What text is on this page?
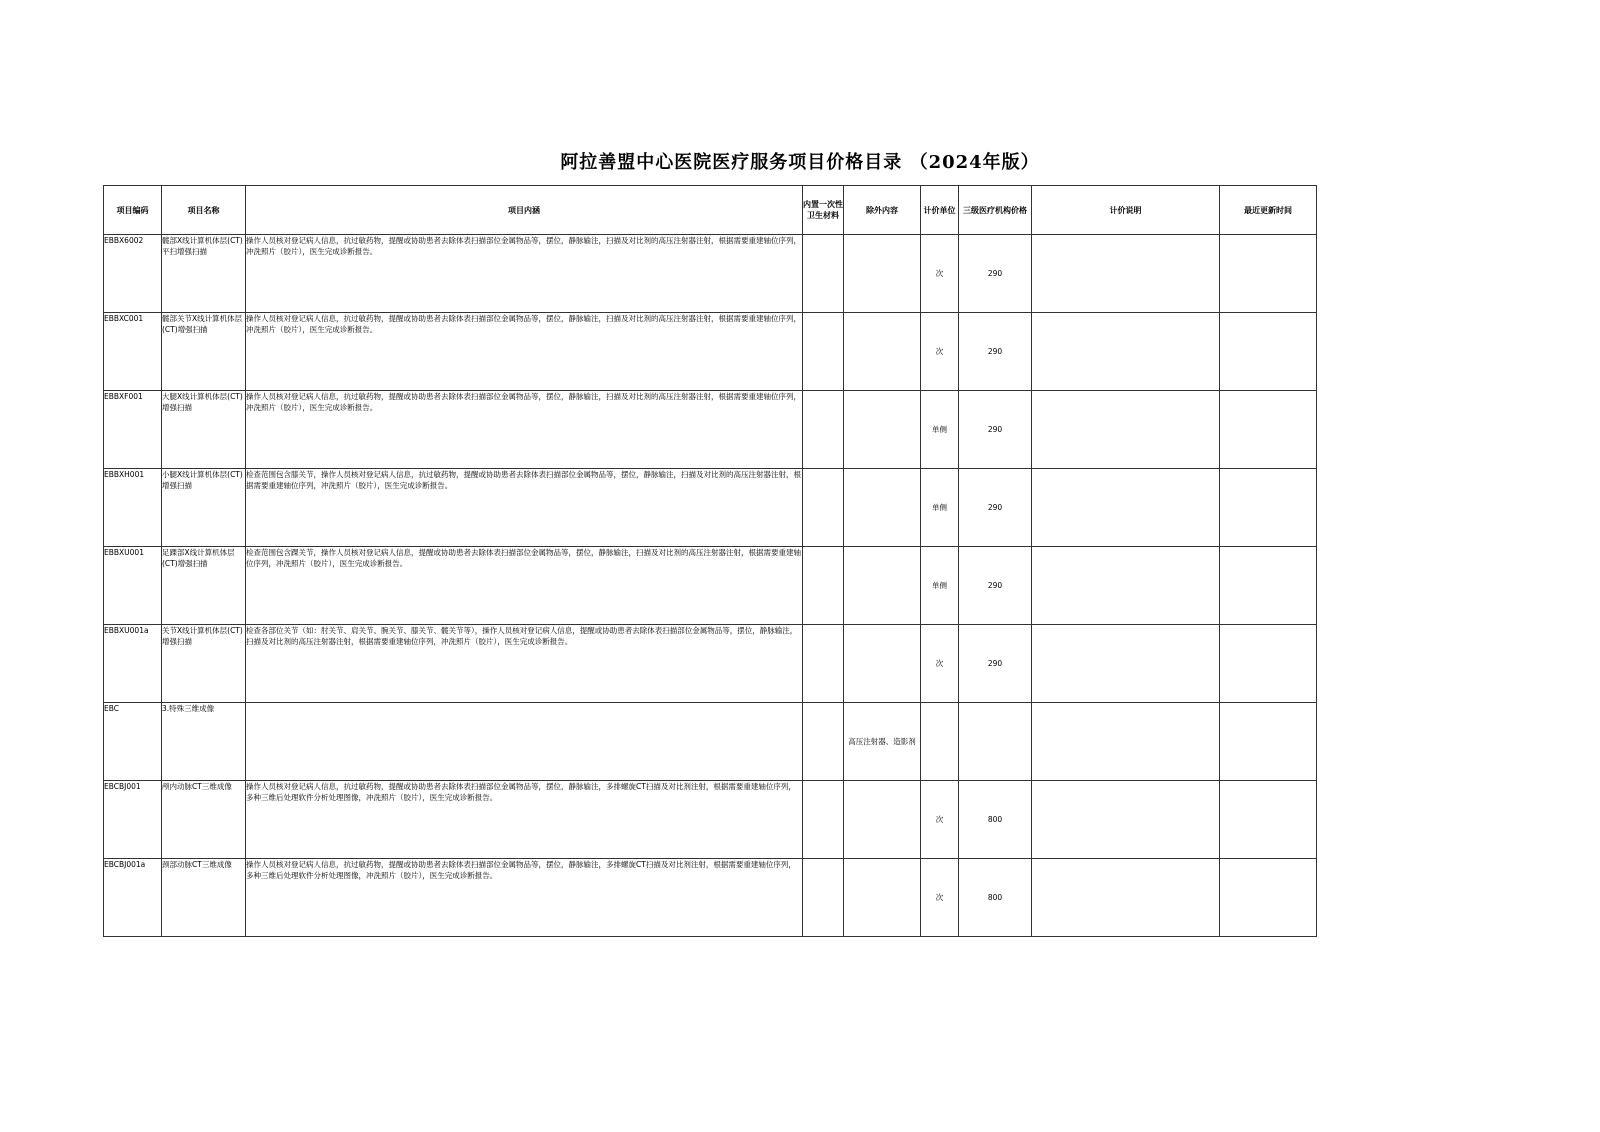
阿拉善盟中心医院医疗服务项目价格目录 （2024年版）
项目编码	项目名称	项目内涵	内置一次性卫生材料	除外内容	计价单位	三级医疗机构价格	计价说明	最近更新时间
EBBX6002	髋部X线计算机体层(CT)平扫增强扫描	操作人员核对登记病人信息，抗过敏药物，提醒或协助患者去除体表扫描部位金属物品等，摆位，静脉输注，扫描及对比剂的高压注射器注射，根据需要重建轴位序列，冲洗照片（胶片），医生完成诊断报告。			次	290		
EBBXC001	髋部关节X线计算机体层(CT)增强扫描	操作人员核对登记病人信息，抗过敏药物，提醒或协助患者去除体表扫描部位金属物品等，摆位，静脉输注，扫描及对比剂的高压注射器注射，根据需要重建轴位序列，冲洗照片（胶片），医生完成诊断报告。			次	290		
EBBXF001	大腿X线计算机体层(CT)增强扫描	操作人员核对登记病人信息，抗过敏药物，提醒或协助患者去除体表扫描部位金属物品等，摆位，静脉输注，扫描及对比剂的高压注射器注射，根据需要重建轴位序列，冲洗照片（胶片），医生完成诊断报告。			单侧	290		
EBBXH001	小腿X线计算机体层(CT)增强扫描	检查范围包含膝关节，操作人员核对登记病人信息，抗过敏药物，提醒或协助患者去除体表扫描部位金属物品等，摆位，静脉输注，扫描及对比剂的高压注射器注射，根据需要重建轴位序列，冲洗照片（胶片），医生完成诊断报告。			单侧	290		
EBBXU001	足踝部X线计算机体层(CT)增强扫描	检查范围包含踝关节，操作人员核对登记病人信息，提醒或协助患者去除体表扫描部位金属物品等，摆位，静脉输注，扫描及对比剂的高压注射器注射，根据需要重建轴位序列，冲洗照片（胶片），医生完成诊断报告。			单侧	290		
EBBXU001a	关节X线计算机体层(CT)增强扫描	检查各部位关节（如：肘关节、肩关节、腕关节、膝关节、髋关节等），操作人员核对登记病人信息，提醒或协助患者去除体表扫描部位金属物品等，摆位，静脉输注，扫描及对比剂的高压注射器注射，根据需要重建轴位序列，冲洗照片（胶片），医生完成诊断报告。			次	290		
EBC	3.特殊三维成像			高压注射器、造影剂				
EBCBJ001	颅内动脉CT三维成像	操作人员核对登记病人信息，抗过敏药物，提醒或协助患者去除体表扫描部位金属物品等，摆位，静脉输注，多排螺旋CT扫描及对比剂注射，根据需要重建轴位序列，多种三维后处理软件分析处理图像，冲洗照片（胶片），医生完成诊断报告。			次	800		
EBCBJ001a	颈部动脉CT三维成像	操作人员核对登记病人信息，抗过敏药物，提醒或协助患者去除体表扫描部位金属物品等，摆位，静脉输注，多排螺旋CT扫描及对比剂注射，根据需要重建轴位序列，多种三维后处理软件分析处理图像，冲洗照片（胶片），医生完成诊断报告。			次	800		
